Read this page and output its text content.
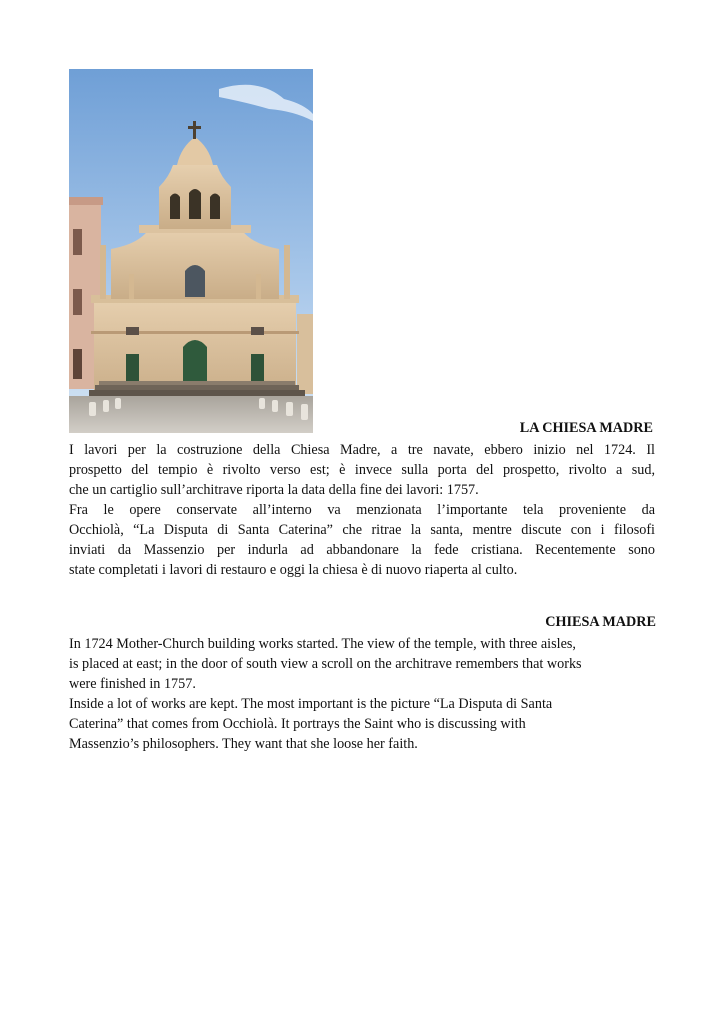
LA CHIESA MADRE

I lavori per la costruzione della Chiesa Madre, a tre navate, ebbero inizio nel 1724. Il
prospetto del tempio è rivolto verso est; è invece sulla porta del prospetto, rivolto a sud,
che un cartiglio sull’architrave riporta la data della fine dei lavori: 1757.

Fra le opere conservate all’interno va menzionata l’importante tela proveniente da
Occhiolà, “La Disputa di Santa Caterina” che ritrae la santa, mentre discute con i filosofi
inviati da Massenzio per indurla ad abbandonare la fede cristiana. Recentemente sono
state completati i lavori di restauro e oggi la chiesa è di nuovo riaperta al culto.

CHIESA MADRE

In 1724 Mother-Church building works started. The view of the temple, with three aisles,
is placed at east; in the door of south view a scroll on the architrave remembers that works
were finished in 1757.

Inside a lot of works are kept. The most important is the picture “La Disputa di Santa
Caterina” that comes from Occhiolà. It portrays the Saint who is discussing with
Massenzio’s philosophers. They want that she loose her faith.
